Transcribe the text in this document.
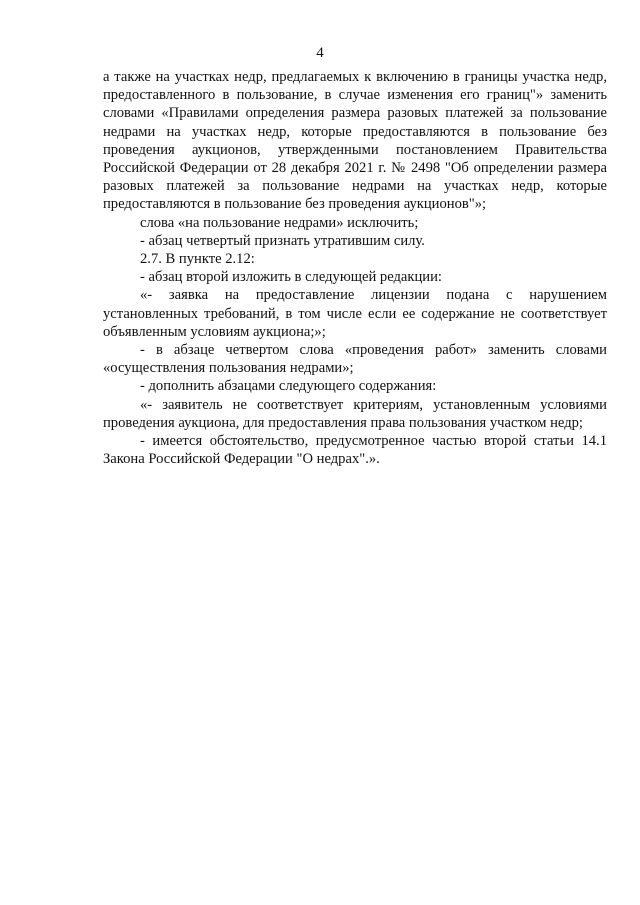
4

а также на участках недр, предлагаемых к включению в границы участка недр, предоставленного в пользование, в случае изменения его границ"» заменить словами «Правилами определения размера разовых платежей за пользование недрами на участках недр, которые предоставляются в пользование без проведения аукционов, утвержденными постановлением Правительства Российской Федерации от 28 декабря 2021 г. № 2498 "Об определении размера разовых платежей за пользование недрами на участках недр, которые предоставляются в пользование без проведения аукционов"»;

слова «на пользование недрами» исключить;

- абзац четвертый признать утратившим силу.

2.7. В пункте 2.12:

- абзац второй изложить в следующей редакции:

«- заявка на предоставление лицензии подана с нарушением установленных требований, в том числе если ее содержание не соответствует объявленным условиям аукциона;»;

- в абзаце четвертом слова «проведения работ» заменить словами «осуществления пользования недрами»;

- дополнить абзацами следующего содержания:

«- заявитель не соответствует критериям, установленным условиями проведения аукциона, для предоставления права пользования участком недр;

- имеется обстоятельство, предусмотренное частью второй статьи 14.1 Закона Российской Федерации "О недрах".».
